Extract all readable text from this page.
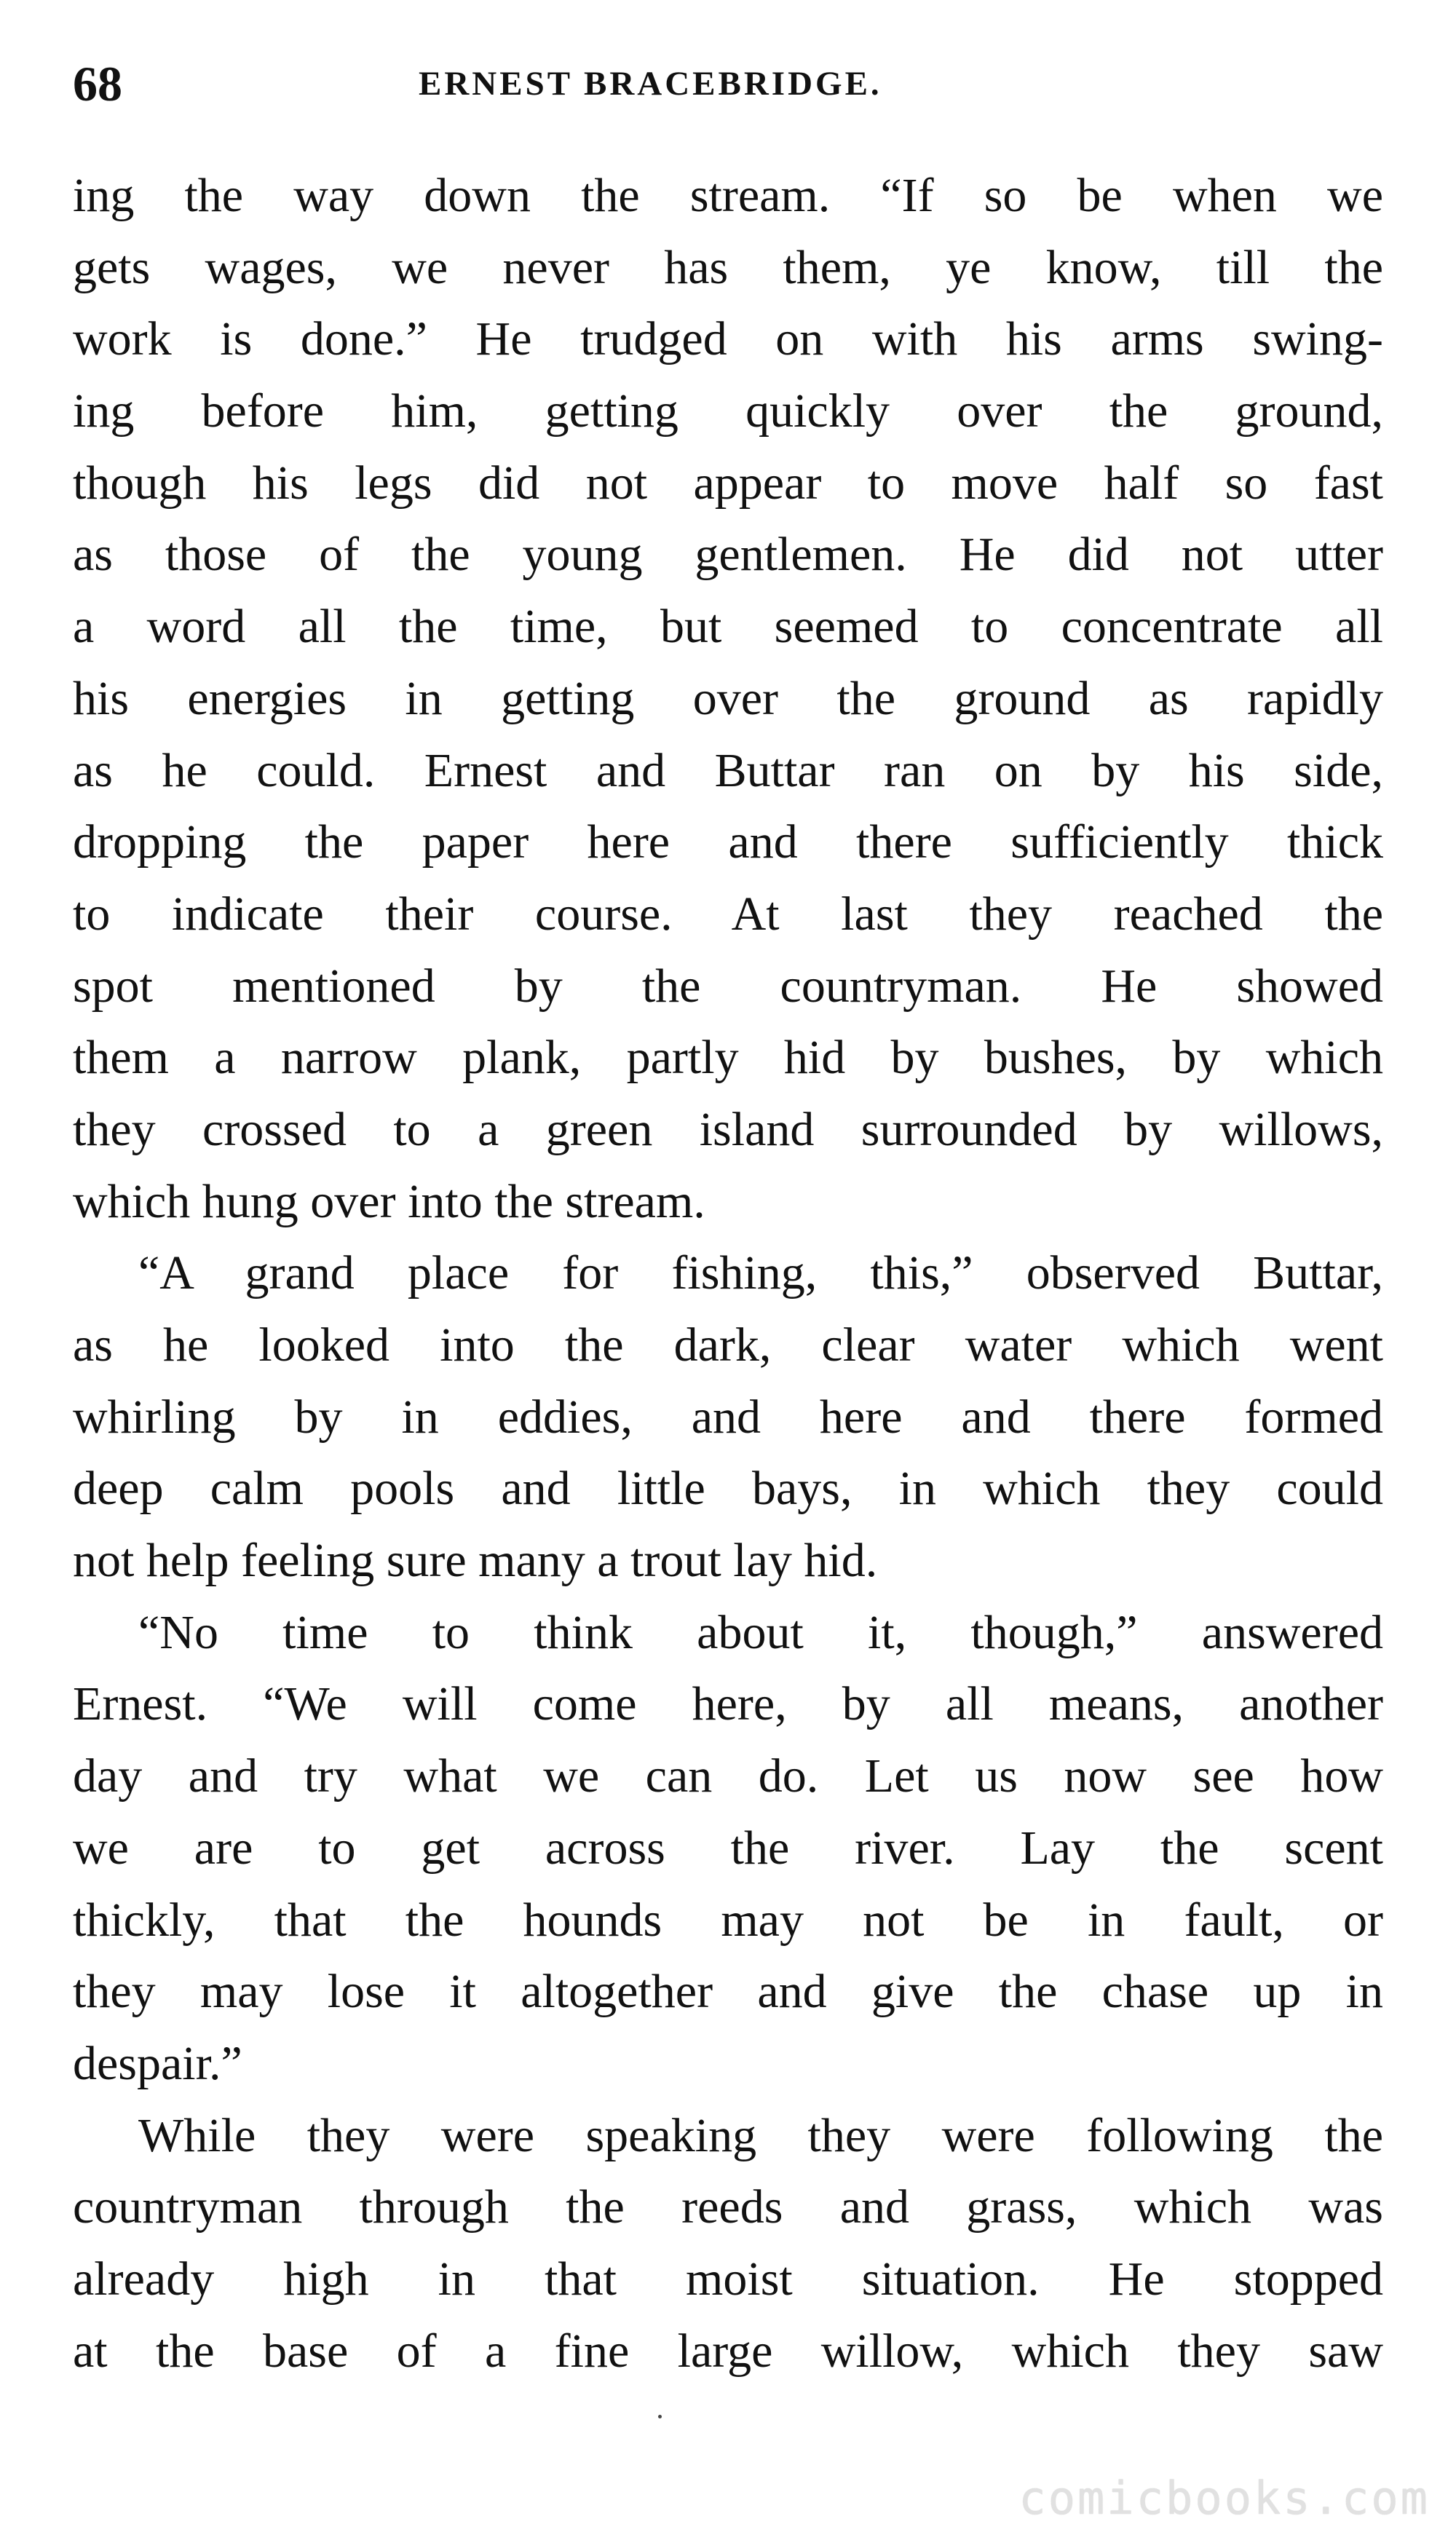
68	ERNEST BRACEBRIDGE.
ing the way down the stream. “If so be when we
gets wages, we never has them, ye know, till the
work is done.” He trudged on with his arms swing-
ing before him, getting quickly over the ground,
though his legs did not appear to move half so fast
as those of the young gentlemen. He did not utter
a word all the time, but seemed to concentrate all
his energies in getting over the ground as rapidly
as he could. Ernest and Buttar ran on by his side,
dropping the paper here and there sufficiently thick
to indicate their course. At last they reached the
spot mentioned by the countryman. He showed
them a narrow plank, partly hid by bushes, by which
they crossed to a green island surrounded by willows,
which hung over into the stream.
“A grand place for fishing, this,” observed Buttar,
as he looked into the dark, clear water which went
whirling by in eddies, and here and there formed
deep calm pools and little bays, in which they could
not help feeling sure many a trout lay hid.
“No time to think about it, though,” answered
Ernest. “We will come here, by all means, another
day and try what we can do. Let us now see how
we are to get across the river. Lay the scent
thickly, that the hounds may not be in fault, or
they may lose it altogether and give the chase up in
despair.”
While they were speaking they were following the
countryman through the reeds and grass, which was
already high in that moist situation. He stopped
at the base of a fine large willow, which they saw
comicbooks.com
